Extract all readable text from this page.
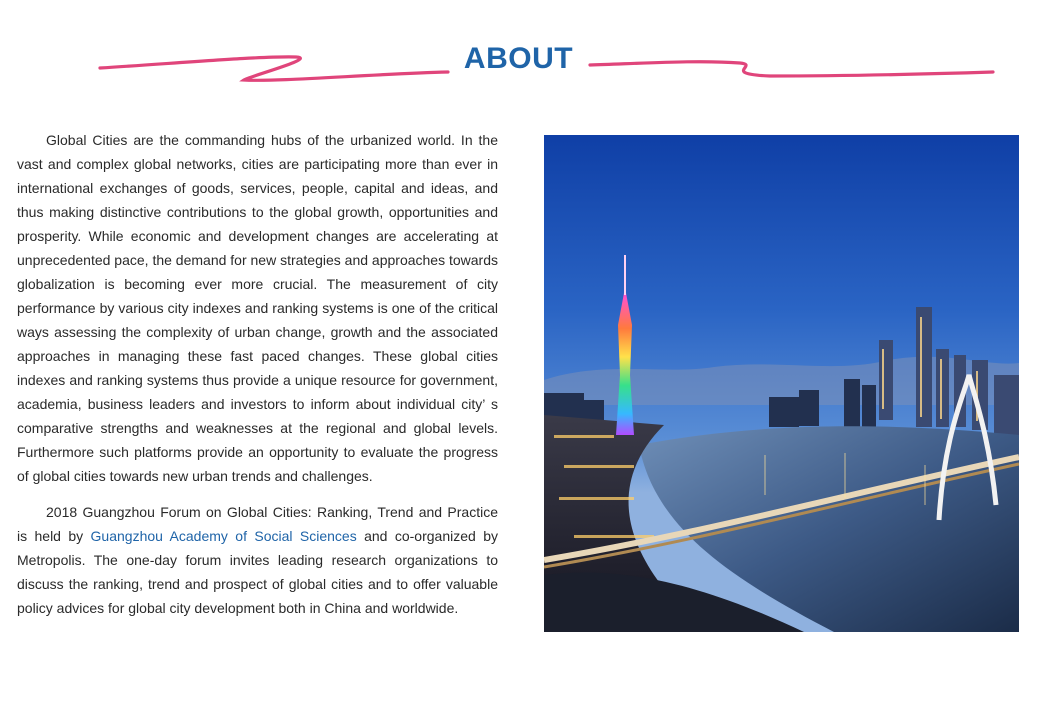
ABOUT

Global Cities are the commanding hubs of the urbanized world. In the vast and complex global networks, cities are participating more than ever in international exchanges of goods, services, people, capital and ideas, and thus making distinctive contributions to the global growth, opportunities and prosperity. While economic and development changes are accelerating at unprecedented pace, the demand for new strategies and approaches towards globalization is becoming ever more crucial. The measurement of city performance by various city indexes and ranking systems is one of the critical ways assessing the complexity of urban change, growth and the associated approaches in managing these fast paced changes. These global cities indexes and ranking systems thus provide a unique resource for government, academia, business leaders and investors to inform about individual city’ s comparative strengths and weaknesses at the regional and global levels. Furthermore such platforms provide an opportunity to evaluate the progress of global cities towards new urban trends and challenges.

2018 Guangzhou Forum on Global Cities: Ranking, Trend and Practice is held by Guangzhou Academy of Social Sciences and co-organized by Metropolis. The one-day forum invites leading research organizations to discuss the ranking, trend and prospect of global cities and to offer valuable policy advices for global city development both in China and worldwide.
